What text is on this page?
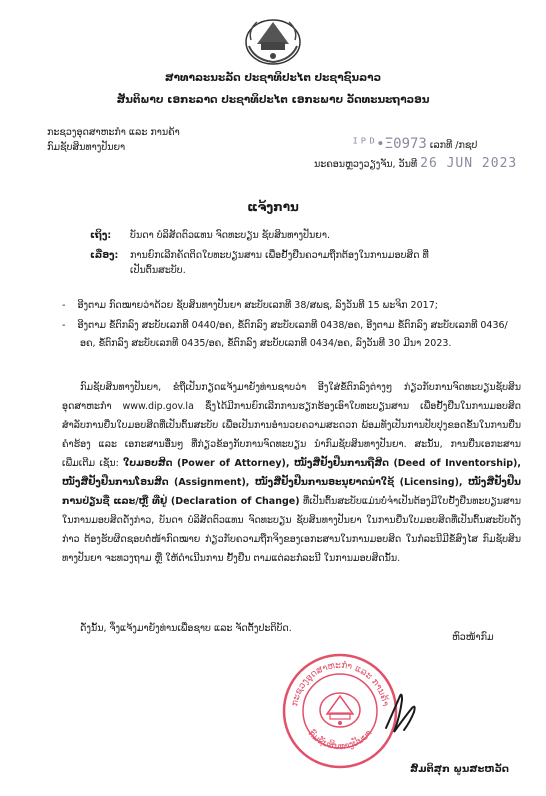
ສາທາລະນະລັດ ປະຊາທິປະໄຕ ປະຊາຊົນລາວ
ສັນຕິພາບ ເອກະລາດ ປະຊາທິປະໄຕ ເອກະພາບ ວັດທະນະຖາວອນ
ກະຊວງອຸດສາຫະກຳ ແລະ ການຄ້າ
ກົມຊັບສິນທາງປັນຍາ	ᴵᴾᴰ∙Ξ0973 ເລກທີ /ກຊປ
ນະຄອນຫຼວງວຽງຈັນ, ວັນທີ 26 JUN 2023
ແຈ້ງການ
ເຖິງ: ບັນດາ ບໍລິສັດຕົວແທນ ຈົດທະບຽນ ຊັບສິນທາງປັນຍາ.
ເລື່ອງ: ການຍົກເລີກຄັດຕິດໃບທະບຽນສານ ເພື່ອຢັ້ງຢືນຄວາມຖືກຕ້ອງໃນການມອບສິດ ທີ່
ເປັນຕົ້ນສະບັບ.
-    ອີງຕາມ ກົດໝາຍວ່າດ້ວຍ ຊັບສິນທາງປັນຍາ ສະບັບເລກທີ 38/ສພຊ, ລົງວັນທີ 15 ພະຈິກ 2017;
-    ອີງຕາມ ຂໍ້ຕົກລົງ ສະບັບເລກທີ 0440/ອຄ, ຂໍ້ຕົກລົງ ສະບັບເລກທີ 0438/ອຄ, ອີງຕາມ ຂໍ້ຕົກລົງ ສະບັບເລກທີ 0436/ອຄ, ຂໍ້ຕົກລົງ ສະບັບເລກທີ 0435/ອຄ, ຂໍ້ຕົກລົງ ສະບັບເລກທີ 0434/ອຄ, ລົງວັນທີ 30 ມີນາ 2023.
ກົມຊັບສິນທາງປັນຍາ, ຂໍຖືເປັນກຽດແຈ້ງມາຍັງທ່ານຊາບວ່າ ອີງໃສ່ຂໍ້ຕົກລົງຕ່າງໆ ກ່ຽວກັບການຈົດທະບຽນຊັບສິນອຸດສາຫະກຳ www.dip.gov.la ຊຶ່ງໄດ້ມີການຍົກເລີກການຮຽກຮ້ອງເອົາໃບທະບຽນສານ ເພື່ອຢັ້ງຢືນໃນການມອບສິດ ສຳລັບການຍື່ນໃບມອບສິດທີ່ເປັນຕົ້ນສະບັບ ເພື່ອເປັນການອຳນວຍຄວາມສະດວກ ພ້ອມທັງເປັນການປັບປຸງຂອດຂັ້ນໃນການຍື່ນຄຳຮ້ອງ ແລະ ເອກະສານອື່ນໆ ທີ່ກ່ຽວຂ້ອງກັບການຈົດທະບຽນ ນຳກົມຊັບສິນທາງປັນຍາ. ສະນັ້ນ, ການຍື່ນເອກະສານເພີ່ມເຕີມ ເຊັ່ນ: ໃບມອບສິດ (Power of Attorney), ໜັງສືຢັ້ງຢືນການຖືສິດ (Deed of Inventorship), ໜັງສືຢັ້ງຢືນການໂອນສິດ (Assignment), ໜັງສືຢັ້ງຢືນການອະນຸຍາດນຳໃຊ້ (Licensing), ໜັງສືຢັ້ງຢືນການປ່ຽນຊື່ ແລະ/ຫຼື ທີ່ຢູ່ (Declaration of Change) ທີ່ເປັນຕົ້ນສະບັບແມ່ນບໍ່ຈຳເປັນຕ້ອງມີໃບຢັ້ງຢືນທະບຽນສານ ໃນການມອບສິດດັ່ງກ່າວ, ບັນດາ ບໍລິສັດຕົວແທນ ຈົດທະບຽນ ຊັບສິນທາງປັນຍາ ໃນການຍື່ນໃບມອບສິດທີ່ເປັນຕົ້ນສະບັບດັ່ງກ່າວ ຕ້ອງຮັບຜິດຊອບຕໍ່ໜ້າກົດໝາຍ ກ່ຽວກັບຄວາມຖືກຈິງຂອງເອກະສານໃນການມອບສິດ ໃນກໍລະນີມີຂໍ້ສົງໄສ ກົມຊັບສິນທາງປັນຍາ ຈະທວງຖາມ ຫຼື ໃຫ້ດຳເນີນການ ຢັ້ງຢືນ ຕາມແຕ່ລະກໍລະນີ ໃນການມອບສິດນັ້ນ.
ດັ່ງນັ້ນ, ຈຶ່ງແຈ້ງມາຍັງທ່ານເພື່ອຊາບ ແລະ ຈັດຕັ້ງປະຕິບັດ.
ຫົວໜ້າກົມ
ກະຊວງອຸດສາຫະກຳ ແລະ ການຄ້າ
ກົມຊັບສິນທາງປັນຍາ
ສົມຕິສຸກ ພູນສະຫວັດ
